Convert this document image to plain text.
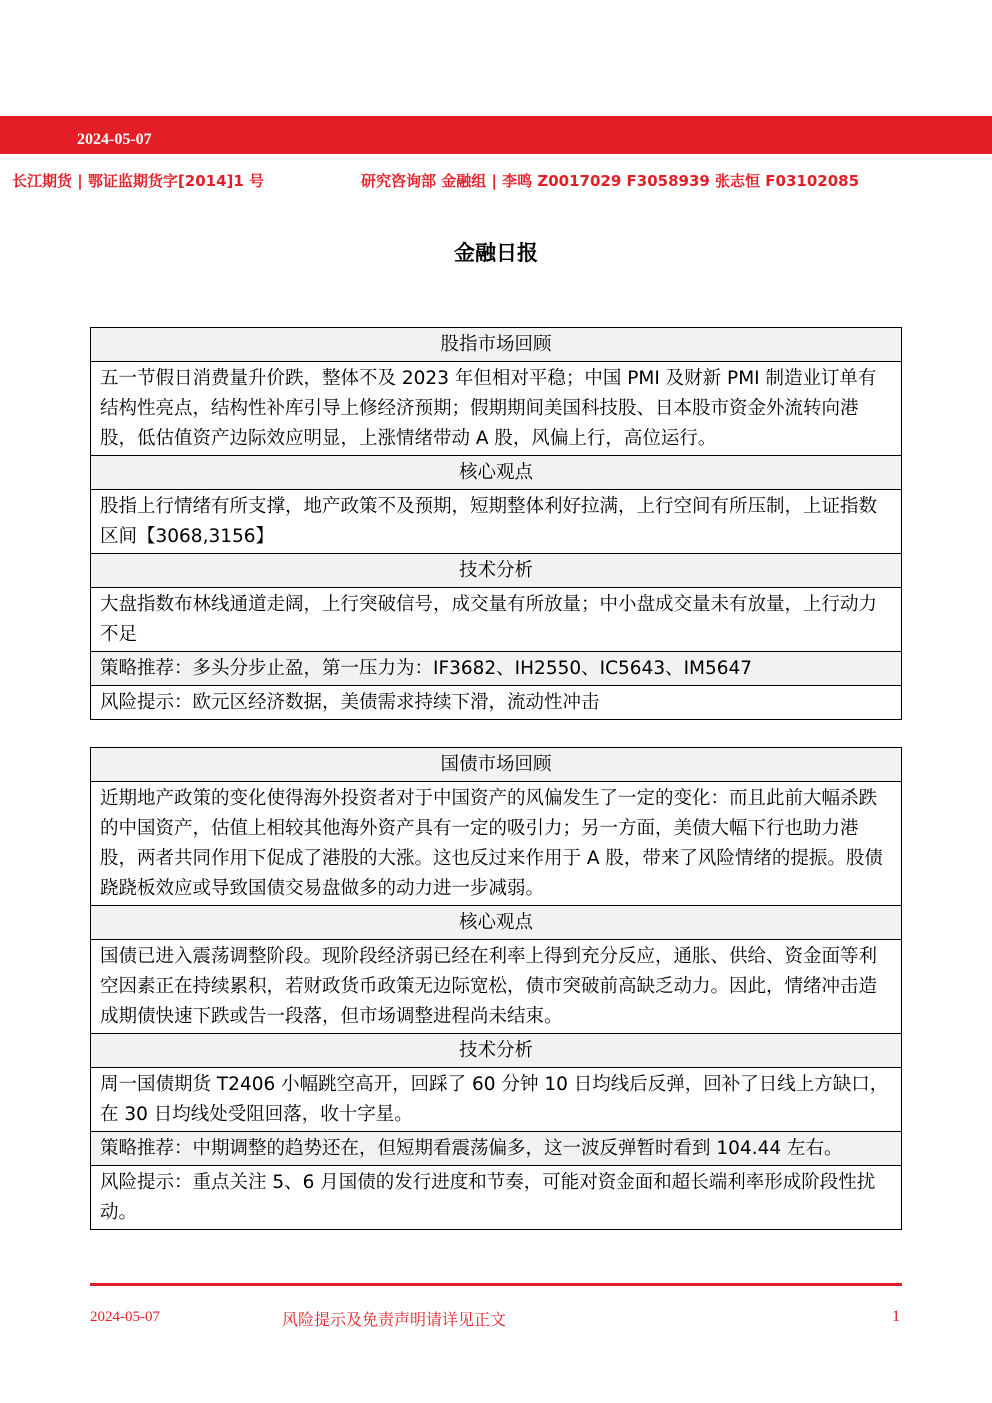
2024-05-07
长江期货 | 鄂证监期货字[2014]1 号	研究咨询部 金融组 | 李鸣 Z0017029 F3058939 张志恒 F03102085
金融日报
股指市场回顾
五一节假日消费量升价跌，整体不及 2023 年但相对平稳；中国 PMI 及财新 PMI 制造业订单有结构性亮点，结构性补库引导上修经济预期；假期期间美国科技股、日本股市资金外流转向港股，低估值资产边际效应明显，上涨情绪带动 A 股，风偏上行，高位运行。
核心观点
股指上行情绪有所支撑，地产政策不及预期，短期整体利好拉满，上行空间有所压制，上证指数区间【3068,3156】
技术分析
大盘指数布林线通道走阔，上行突破信号，成交量有所放量；中小盘成交量未有放量，上行动力不足
策略推荐：多头分步止盈，第一压力为：IF3682、IH2550、IC5643、IM5647
风险提示：欧元区经济数据，美债需求持续下滑，流动性冲击
国债市场回顾
近期地产政策的变化使得海外投资者对于中国资产的风偏发生了一定的变化：而且此前大幅杀跌的中国资产，估值上相较其他海外资产具有一定的吸引力；另一方面，美债大幅下行也助力港股，两者共同作用下促成了港股的大涨。这也反过来作用于 A 股，带来了风险情绪的提振。股债跷跷板效应或导致国债交易盘做多的动力进一步减弱。
核心观点
国债已进入震荡调整阶段。现阶段经济弱已经在利率上得到充分反应，通胀、供给、资金面等利空因素正在持续累积，若财政货币政策无边际宽松，债市突破前高缺乏动力。因此，情绪冲击造成期债快速下跌或告一段落，但市场调整进程尚未结束。
技术分析
周一国债期货 T2406 小幅跳空高开，回踩了 60 分钟 10 日均线后反弹，回补了日线上方缺口，在 30 日均线处受阻回落，收十字星。
策略推荐：中期调整的趋势还在，但短期看震荡偏多，这一波反弹暂时看到 104.44 左右。
风险提示：重点关注 5、6 月国债的发行进度和节奏，可能对资金面和超长端利率形成阶段性扰动。
2024-05-07	风险提示及免责声明请详见正文	1
